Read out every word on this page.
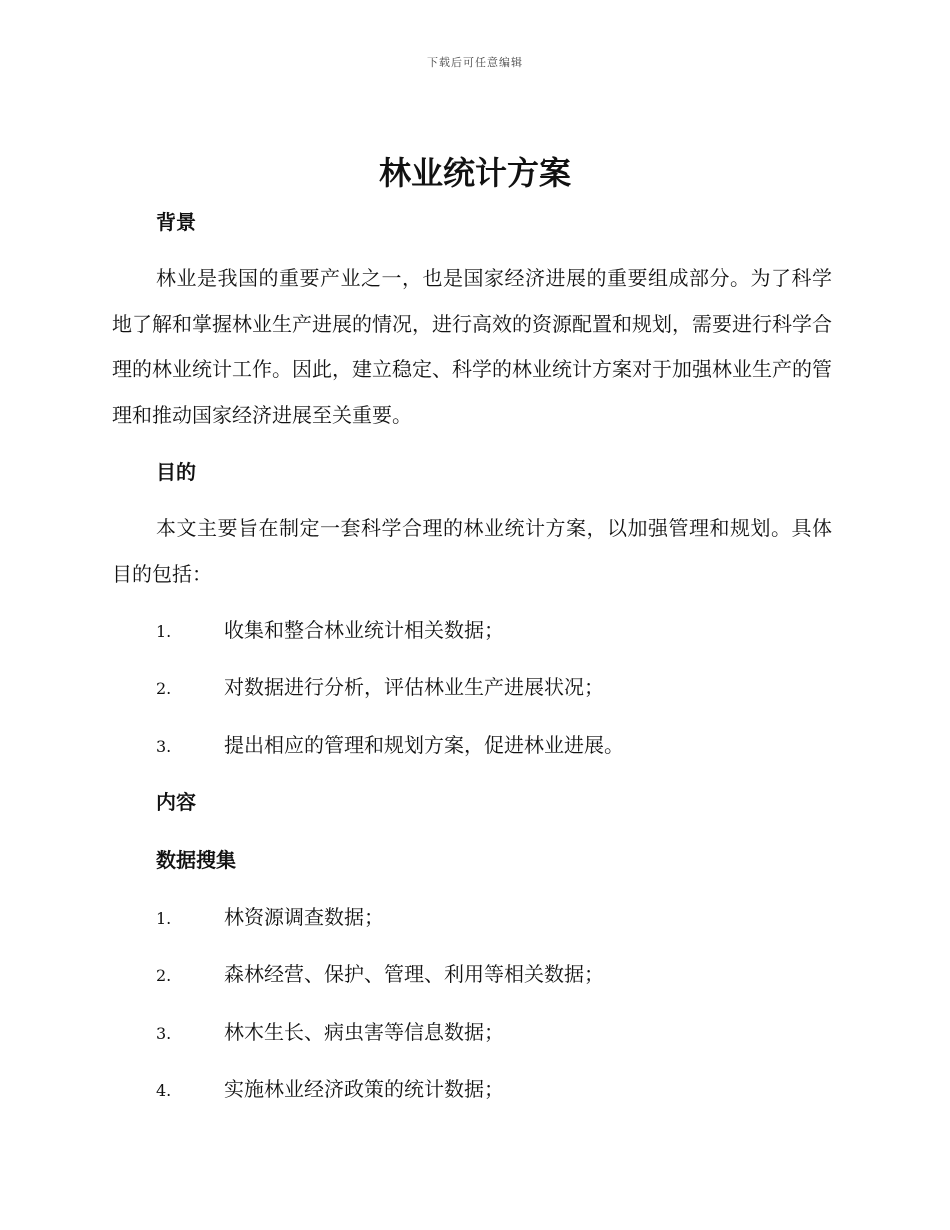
下载后可任意编辑
林业统计方案
背景

林业是我国的重要产业之一，也是国家经济进展的重要组成部分。为了科学地了解和掌握林业生产进展的情况，进行高效的资源配置和规划，需要进行科学合理的林业统计工作。因此，建立稳定、科学的林业统计方案对于加强林业生产的管理和推动国家经济进展至关重要。

目的

本文主要旨在制定一套科学合理的林业统计方案，以加强管理和规划。具体目的包括：

1.	收集和整合林业统计相关数据；
2.	对数据进行分析，评估林业生产进展状况；
3.	提出相应的管理和规划方案，促进林业进展。
内容
数据搜集
1.	林资源调查数据；
2.	森林经营、保护、管理、利用等相关数据；
3.	林木生长、病虫害等信息数据；
4.	实施林业经济政策的统计数据；
